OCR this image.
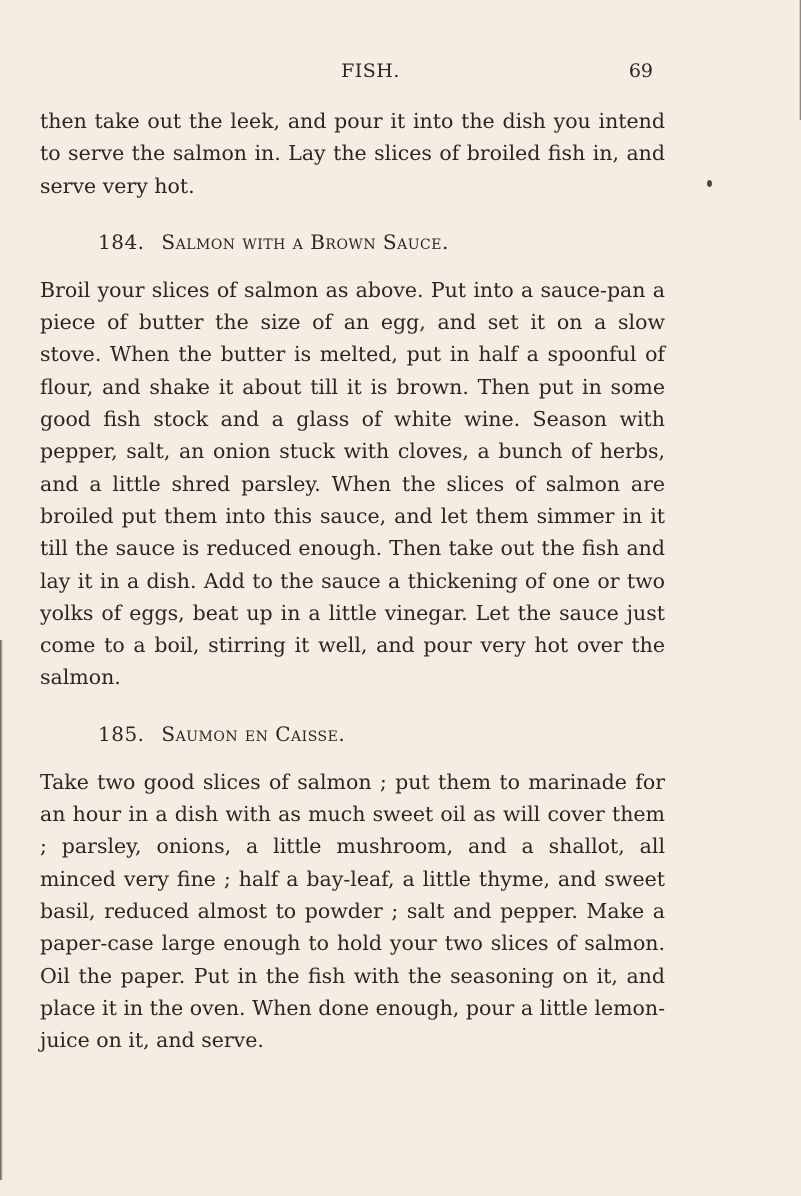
FISH.	69

then take out the leek, and pour it into the dish you intend to serve the salmon in. Lay the slices of broiled fish in, and serve very hot.

184. Salmon with a Brown Sauce.

Broil your slices of salmon as above. Put into a sauce-pan a piece of butter the size of an egg, and set it on a slow stove. When the butter is melted, put in half a spoonful of flour, and shake it about till it is brown. Then put in some good fish stock and a glass of white wine. Season with pepper, salt, an onion stuck with cloves, a bunch of herbs, and a little shred parsley. When the slices of salmon are broiled put them into this sauce, and let them simmer in it till the sauce is reduced enough. Then take out the fish and lay it in a dish. Add to the sauce a thickening of one or two yolks of eggs, beat up in a little vinegar. Let the sauce just come to a boil, stirring it well, and pour very hot over the salmon.

185. Saumon en Caisse.

Take two good slices of salmon ; put them to marinade for an hour in a dish with as much sweet oil as will cover them ; parsley, onions, a little mushroom, and a shallot, all minced very fine ; half a bay-leaf, a little thyme, and sweet basil, reduced almost to powder ; salt and pepper. Make a paper-case large enough to hold your two slices of salmon. Oil the paper. Put in the fish with the seasoning on it, and place it in the oven. When done enough, pour a little lemon-juice on it, and serve.
